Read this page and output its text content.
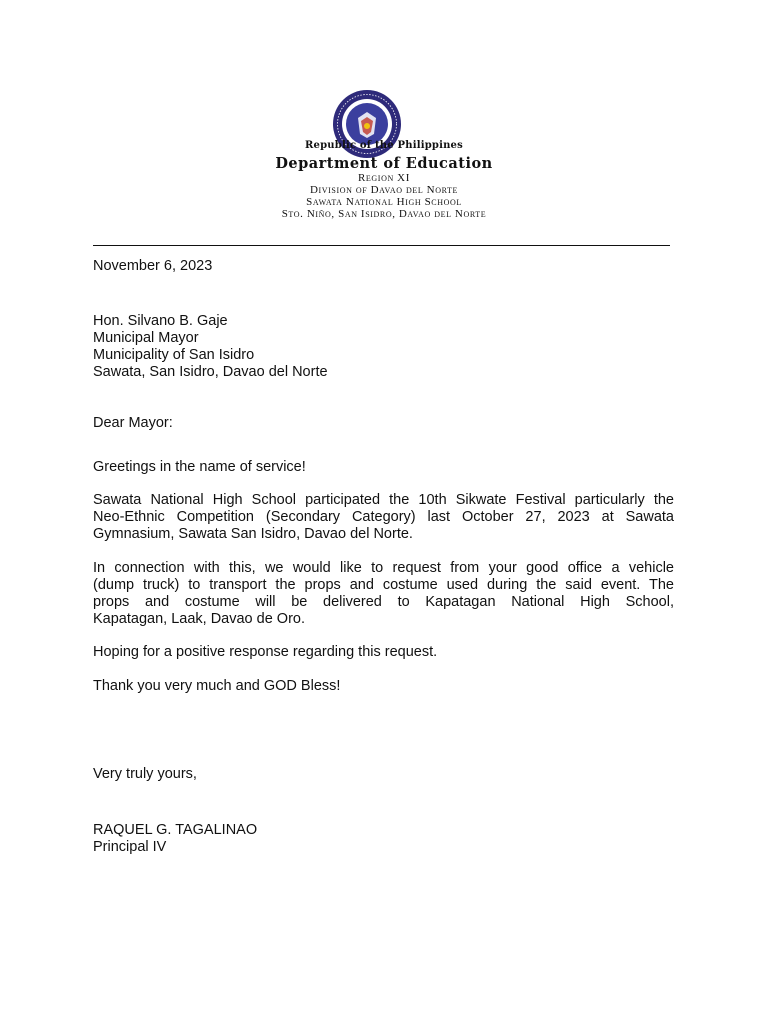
Republic of the Philippines
Department of Education
Region XI
Division of Davao del Norte
Sawata National High School
Sto. Niño, San Isidro, Davao del Norte
November 6, 2023
Hon. Silvano B. Gaje
Municipal Mayor
Municipality of San Isidro
Sawata, San Isidro, Davao del Norte
Dear Mayor:
Greetings in the name of service!
Sawata National High School participated the 10th Sikwate Festival particularly the
Neo-Ethnic Competition (Secondary Category) last October 27, 2023 at Sawata
Gymnasium, Sawata San Isidro, Davao del Norte.
In connection with this, we would like to request from your good office a vehicle
(dump truck) to transport the props and costume used during the said event. The
props and costume will be delivered to Kapatagan National High School,
Kapatagan, Laak, Davao de Oro.
Hoping for a positive response regarding this request.
Thank you very much and GOD Bless!
Very truly yours,
RAQUEL G. TAGALINAO
Principal IV
